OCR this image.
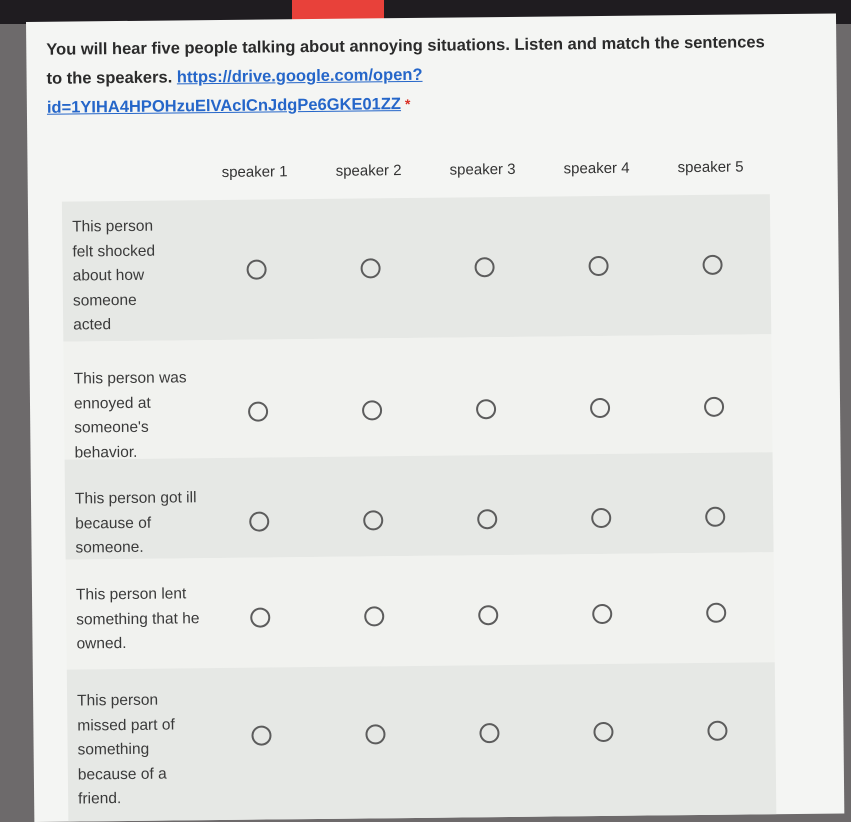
You will hear five people talking about annoying situations. Listen and match the sentences to the speakers. https://drive.google.com/open?
id=1YIHA4HPOHzuElVAcICnJdgPe6GKE01ZZ *
speaker 1	speaker 2	speaker 3	speaker 4	speaker 5
This person felt shocked about how someone acted
This person was ennoyed at someone's behavior.
This person got ill because of someone.
This person lent something that he owned.
This person missed part of something because of a friend.
